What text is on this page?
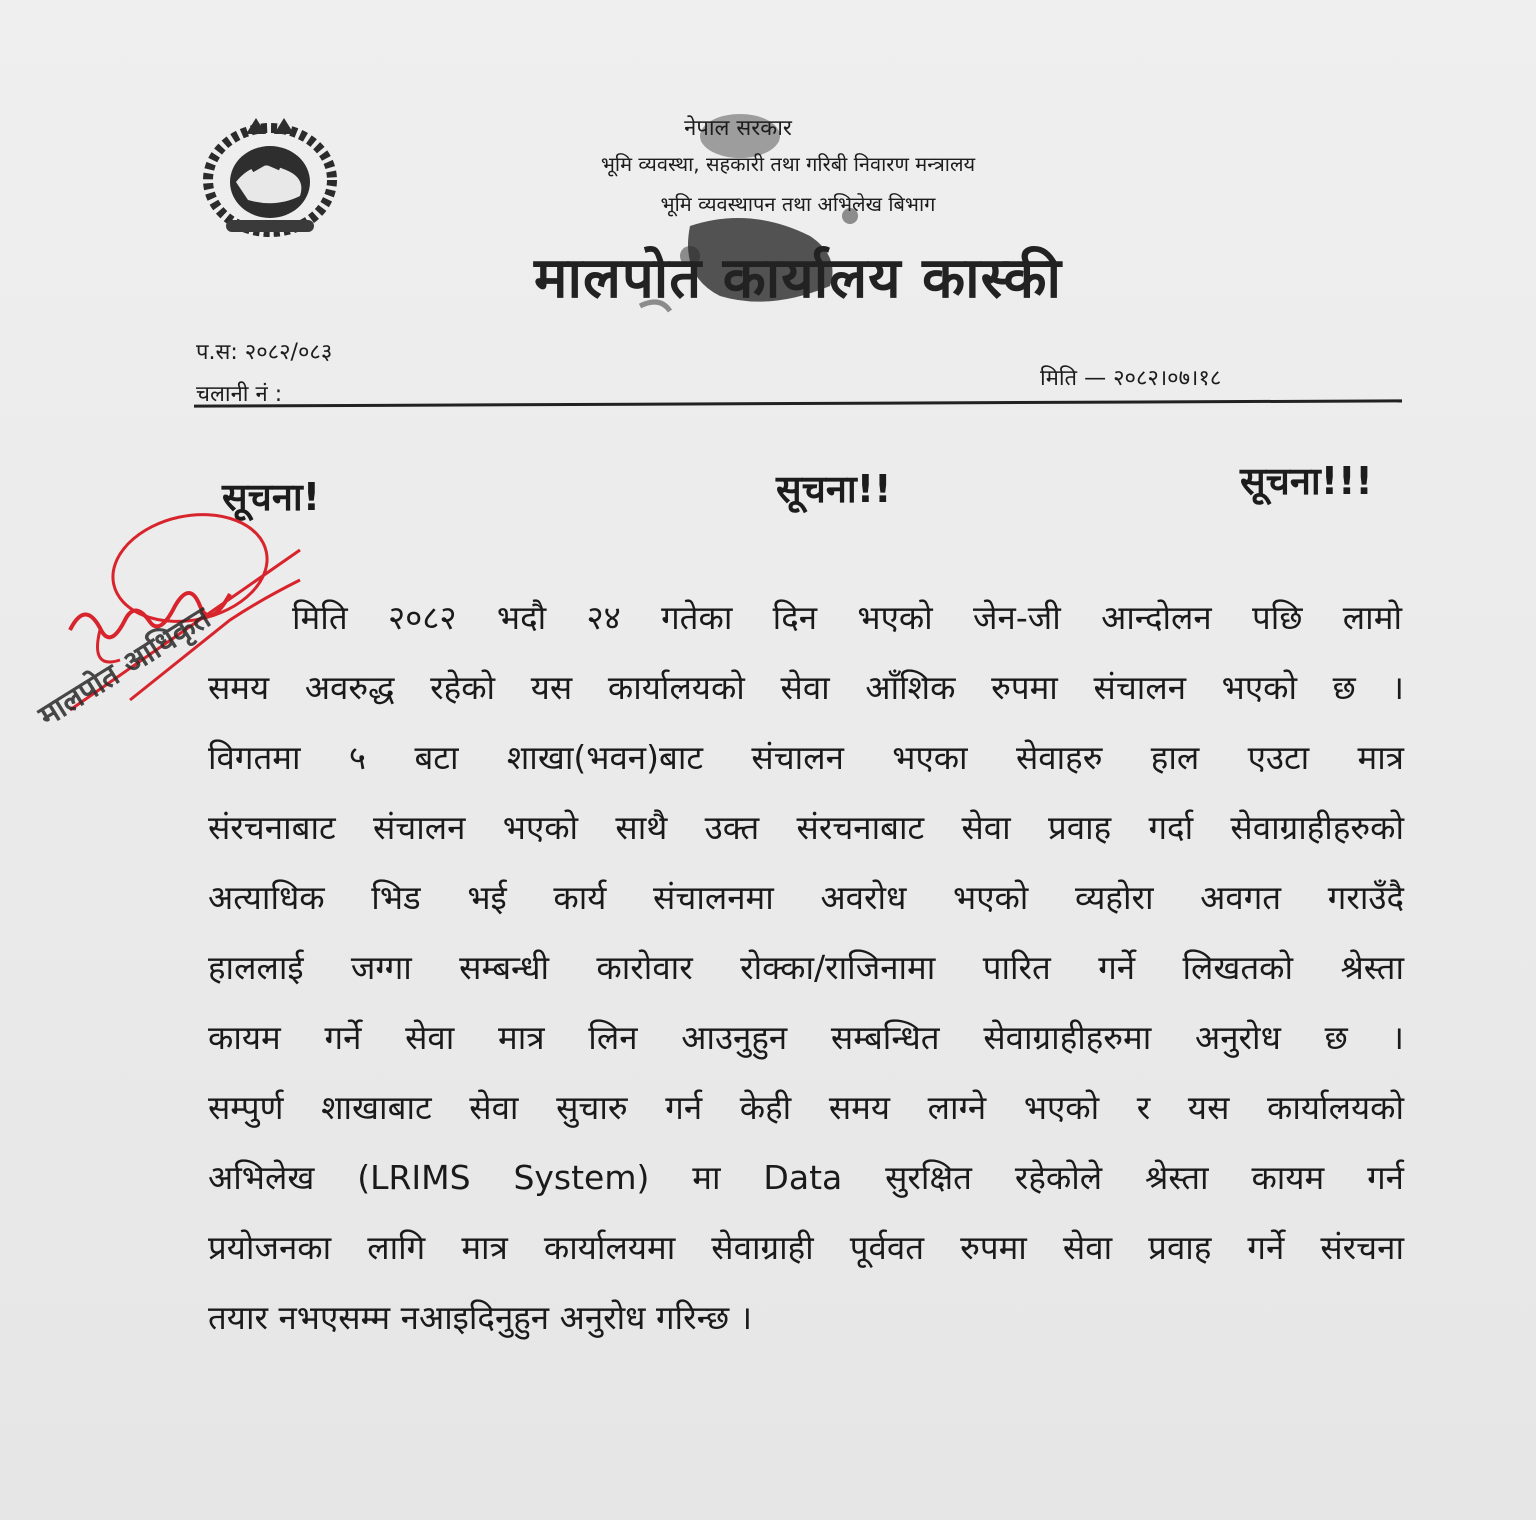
नेपाल सरकार
भूमि व्यवस्था, सहकारी तथा गरिबी निवारण मन्त्रालय
भूमि व्यवस्थापन तथा अभिलेख बिभाग
मालपोत कार्यालय कास्की
प.स: २०८२/०८३
चलानी नं :
मिति — २०८२।०७।१८
सूचना!	सूचना!!	सूचना!!!
मिति २०८२ भदौ २४ गतेका दिन भएको जेन-जी आन्दोलन पछि लामो
समय अवरुद्ध रहेको यस कार्यालयको सेवा आँशिक रुपमा संचालन भएको छ ।
विगतमा ५ बटा शाखा(भवन)बाट संचालन भएका सेवाहरु हाल एउटा मात्र
संरचनाबाट संचालन भएको साथै उक्त संरचनाबाट सेवा प्रवाह गर्दा सेवाग्राहीहरुको
अत्याधिक भिड भई कार्य संचालनमा अवरोध भएको व्यहोरा अवगत गराउँदै
हाललाई जग्गा सम्बन्धी कारोवार रोक्का/राजिनामा पारित गर्ने लिखतको श्रेस्ता
कायम गर्ने सेवा मात्र लिन आउनुहुन सम्बन्धित सेवाग्राहीहरुमा अनुरोध छ ।
सम्पुर्ण शाखाबाट सेवा सुचारु गर्न केही समय लाग्ने भएको र यस कार्यालयको
अभिलेख (LRIMS System) मा Data सुरक्षित रहेकोले श्रेस्ता कायम गर्न
प्रयोजनका लागि मात्र कार्यालयमा सेवाग्राही पूर्ववत रुपमा सेवा प्रवाह गर्ने संरचना
तयार नभएसम्म नआइदिनुहुन अनुरोध गरिन्छ ।
मालपोत आधिकृत
